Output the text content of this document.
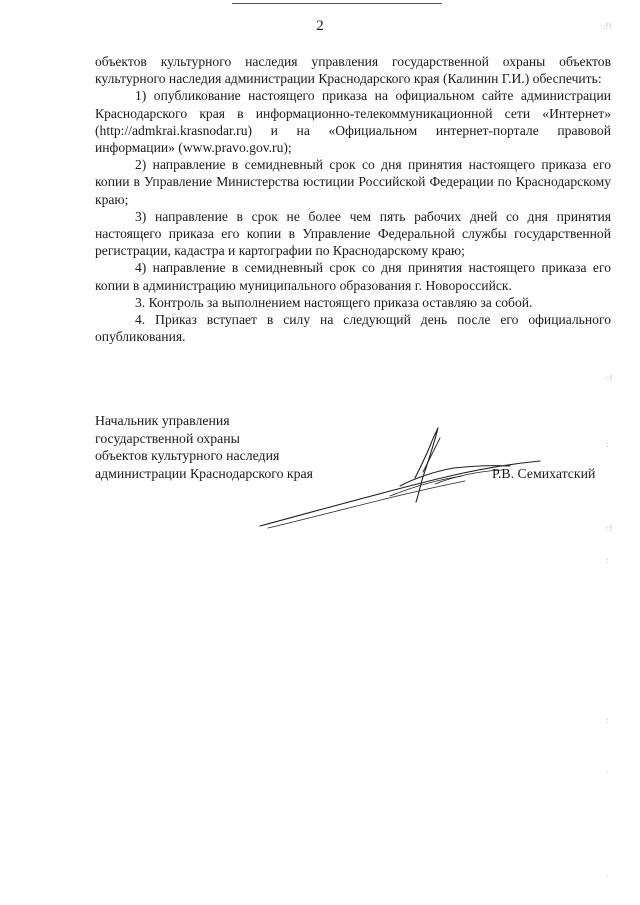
2

объектов культурного наследия управления государственной охраны объектов культурного наследия администрации Краснодарского края (Калинин Г.И.) обеспечить:

1) опубликование настоящего приказа на официальном сайте администрации Краснодарского края в информационно-телекоммуникационной сети «Интернет» (http://admkrai.krasnodar.ru) и на «Официальном интернет-портале правовой информации» (www.pravo.gov.ru);

2) направление в семидневный срок со дня принятия настоящего приказа его копии в Управление Министерства юстиции Российской Федерации по Краснодарскому краю;

3) направление в срок не более чем пять рабочих дней со дня принятия настоящего приказа его копии в Управление Федеральной службы государственной регистрации, кадастра и картографии по Краснодарскому краю;

4) направление в семидневный срок со дня принятия настоящего приказа его копии в администрацию муниципального образования г. Новороссийск.

3. Контроль за выполнением настоящего приказа оставляю за собой.

4. Приказ вступает в силу на следующий день после его официального опубликования.

Начальник управления
государственной охраны
объектов культурного наследия
администрации Краснодарского края	Р.В. Семихатский
·:!!
·:!
:
·:!
:
:
·
·
